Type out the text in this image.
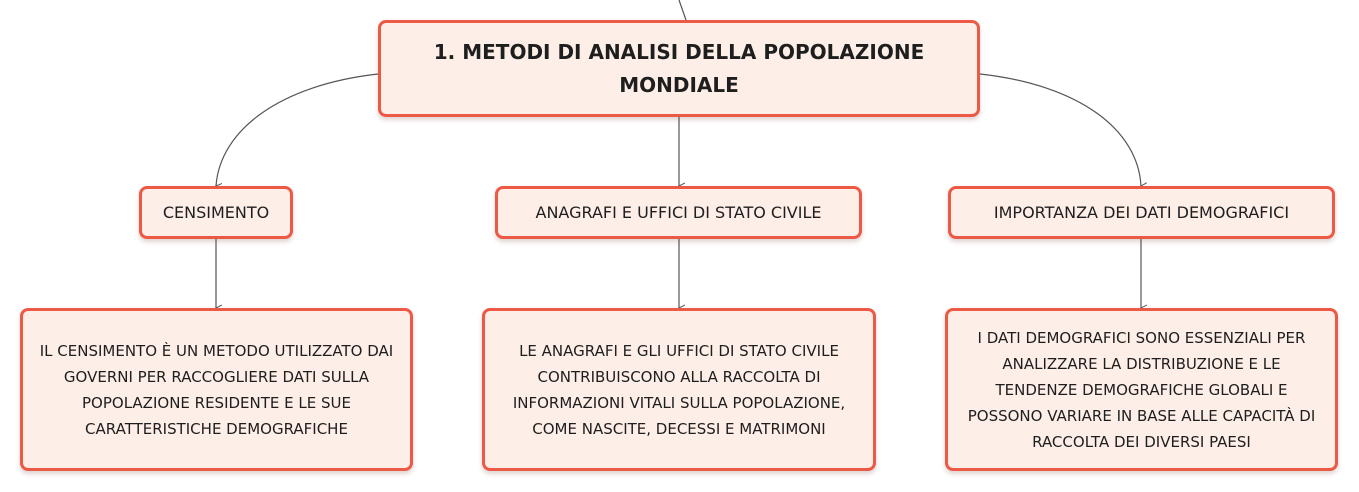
1. METODI DI ANALISI DELLA POPOLAZIONE MONDIALE
CENSIMENTO	ANAGRAFI E UFFICI DI STATO CIVILE	IMPORTANZA DEI DATI DEMOGRAFICI
IL CENSIMENTO È UN METODO UTILIZZATO DAI GOVERNI PER RACCOGLIERE DATI SULLA POPOLAZIONE RESIDENTE E LE SUE CARATTERISTICHE DEMOGRAFICHE
LE ANAGRAFI E GLI UFFICI DI STATO CIVILE CONTRIBUISCONO ALLA RACCOLTA DI INFORMAZIONI VITALI SULLA POPOLAZIONE, COME NASCITE, DECESSI E MATRIMONI
I DATI DEMOGRAFICI SONO ESSENZIALI PER ANALIZZARE LA DISTRIBUZIONE E LE TENDENZE DEMOGRAFICHE GLOBALI E POSSONO VARIARE IN BASE ALLE CAPACITÀ DI RACCOLTA DEI DIVERSI PAESI
